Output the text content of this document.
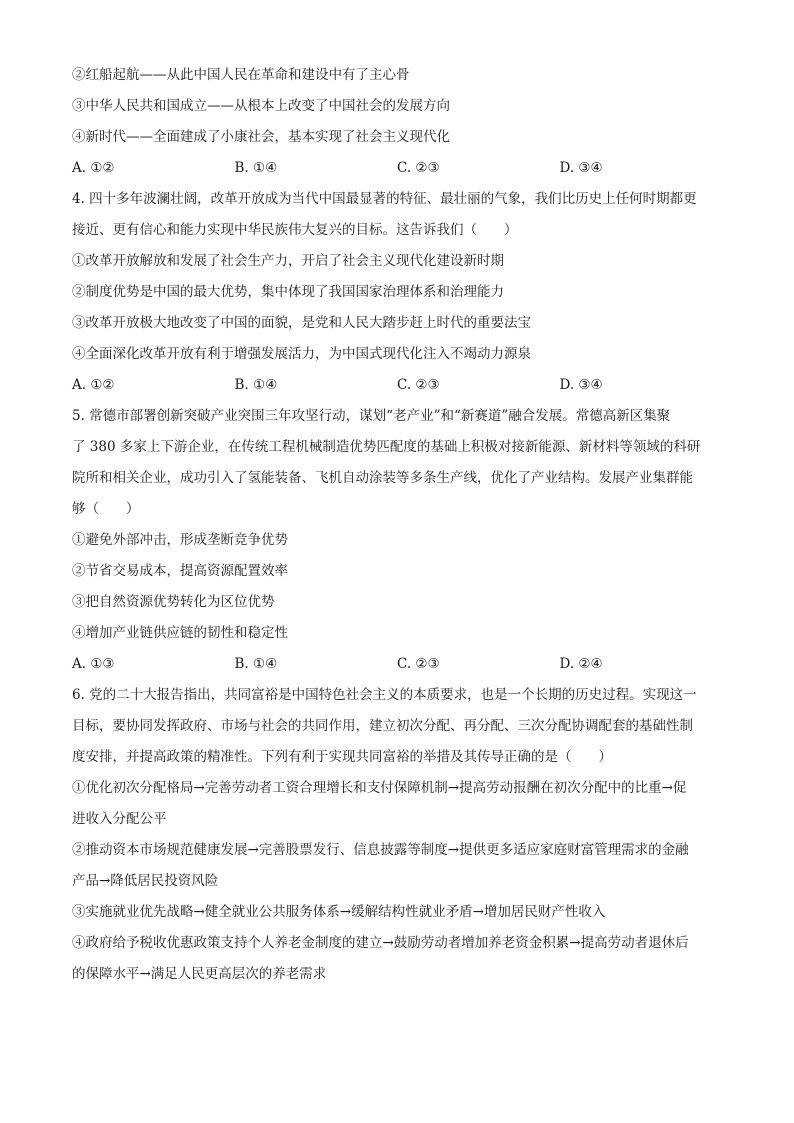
②红船起航——从此中国人民在革命和建设中有了主心骨
③中华人民共和国成立——从根本上改变了中国社会的发展方向
④新时代——全面建成了小康社会，基本实现了社会主义现代化
A. ①②	B. ①④	C. ②③	D. ③④
4. 四十多年波澜壮阔，改革开放成为当代中国最显著的特征、最壮丽的气象，我们比历史上任何时期都更
接近、更有信心和能力实现中华民族伟大复兴的目标。这告诉我们（　　）
①改革开放解放和发展了社会生产力，开启了社会主义现代化建设新时期
②制度优势是中国的最大优势，集中体现了我国国家治理体系和治理能力
③改革开放极大地改变了中国的面貌，是党和人民大踏步赶上时代的重要法宝
④全面深化改革开放有利于增强发展活力，为中国式现代化注入不竭动力源泉
A. ①②	B. ①④	C. ②③	D. ③④
5. 常德市部署创新突破产业突围三年攻坚行动，谋划“老产业”和“新赛道”融合发展。常德高新区集聚
了 380 多家上下游企业，在传统工程机械制造优势匹配度的基础上积极对接新能源、新材料等领域的科研
院所和相关企业，成功引入了氢能装备、飞机自动涂装等多条生产线，优化了产业结构。发展产业集群能
够（　　）
①避免外部冲击，形成垄断竞争优势
②节省交易成本，提高资源配置效率
③把自然资源优势转化为区位优势
④增加产业链供应链的韧性和稳定性
A. ①③	B. ①④	C. ②③	D. ②④
6. 党的二十大报告指出，共同富裕是中国特色社会主义的本质要求，也是一个长期的历史过程。实现这一
目标，要协同发挥政府、市场与社会的共同作用，建立初次分配、再分配、三次分配协调配套的基础性制
度安排，并提高政策的精准性。下列有利于实现共同富裕的举措及其传导正确的是（　　）
①优化初次分配格局→完善劳动者工资合理增长和支付保障机制→提高劳动报酬在初次分配中的比重→促
进收入分配公平
②推动资本市场规范健康发展→完善股票发行、信息披露等制度→提供更多适应家庭财富管理需求的金融
产品→降低居民投资风险
③实施就业优先战略→健全就业公共服务体系→缓解结构性就业矛盾→增加居民财产性收入
④政府给予税收优惠政策支持个人养老金制度的建立→鼓励劳动者增加养老资金积累→提高劳动者退休后
的保障水平→满足人民更高层次的养老需求
